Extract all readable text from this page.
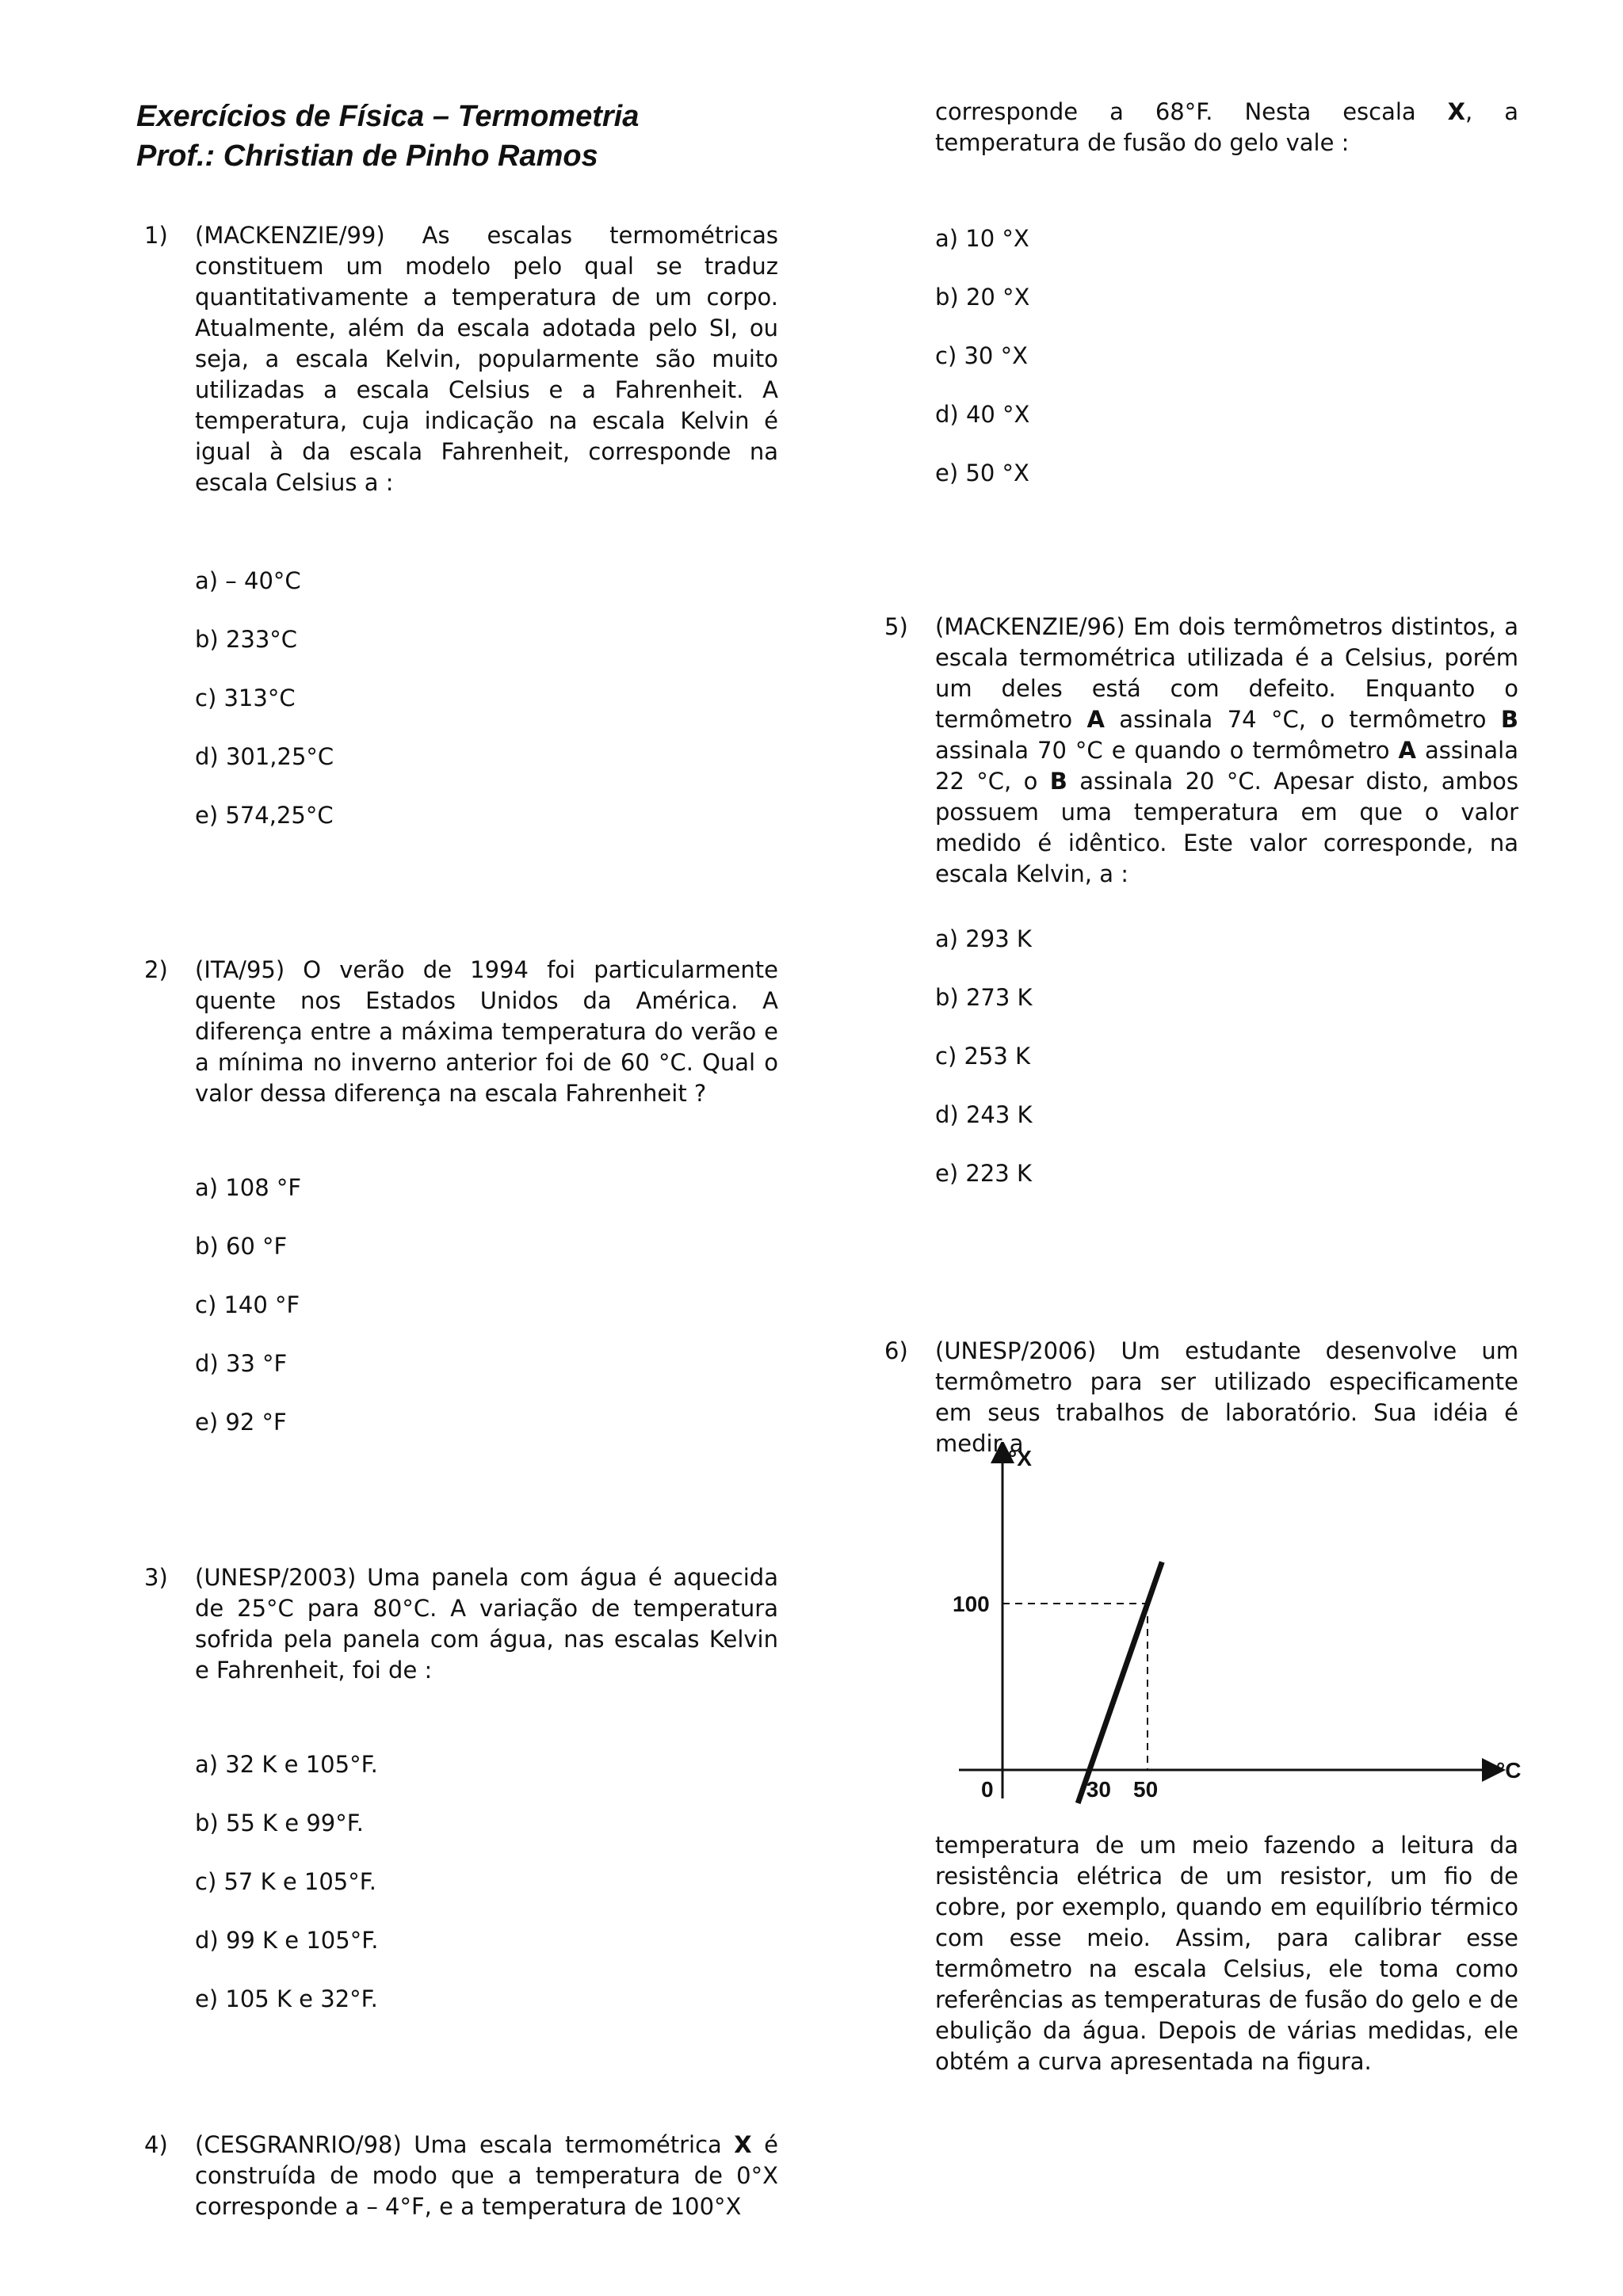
Exercícios de Física – Termometria
Prof.: Christian de Pinho Ramos
1) (MACKENZIE/99) As escalas termométricas constituem um modelo pelo qual se traduz quantitativamente a temperatura de um corpo. Atualmente, além da escala adotada pelo SI, ou seja, a escala Kelvin, popularmente são muito utilizadas a escala Celsius e a Fahrenheit. A temperatura, cuja indicação na escala Kelvin é igual à da escala Fahrenheit, corresponde na escala Celsius a :
a) – 40°C
b) 233°C
c) 313°C
d) 301,25°C
e) 574,25°C
2) (ITA/95) O verão de 1994 foi particularmente quente nos Estados Unidos da América. A diferença entre a máxima temperatura do verão e a mínima no inverno anterior foi de 60 °C. Qual o valor dessa diferença na escala Fahrenheit ?
a) 108 °F
b) 60 °F
c) 140 °F
d) 33 °F
e) 92 °F
3) (UNESP/2003) Uma panela com água é aquecida de 25°C para 80°C. A variação de temperatura sofrida pela panela com água, nas escalas Kelvin e Fahrenheit, foi de :
a) 32 K e 105°F.
b) 55 K e 99°F.
c) 57 K e 105°F.
d) 99 K e 105°F.
e) 105 K e 32°F.
4) (CESGRANRIO/98) Uma escala termométrica X é construída de modo que a temperatura de 0°X corresponde a – 4°F, e a temperatura de 100°X
corresponde a 68°F. Nesta escala X, a temperatura de fusão do gelo vale :
a) 10 °X
b) 20 °X
c) 30 °X
d) 40 °X
e) 50 °X
5) (MACKENZIE/96) Em dois termômetros distintos, a escala termométrica utilizada é a Celsius, porém um deles está com defeito. Enquanto o termômetro A assinala 74 °C, o termômetro B assinala 70 °C e quando o termômetro A assinala 22 °C, o B assinala 20 °C. Apesar disto, ambos possuem uma temperatura em que o valor medido é idêntico. Este valor corresponde, na escala Kelvin, a :
a) 293 K
b) 273 K
c) 253 K
d) 243 K
e) 223 K
6) (UNESP/2006) Um estudante desenvolve um termômetro para ser utilizado especificamente em seus trabalhos de laboratório. Sua idéia é medir a
°X
°C
0	30 50
100
temperatura de um meio fazendo a leitura da resistência elétrica de um resistor, um fio de cobre, por exemplo, quando em equilíbrio térmico com esse meio. Assim, para calibrar esse termômetro na escala Celsius, ele toma como referências as temperaturas de fusão do gelo e de ebulição da água. Depois de várias medidas, ele obtém a curva apresentada na figura.
